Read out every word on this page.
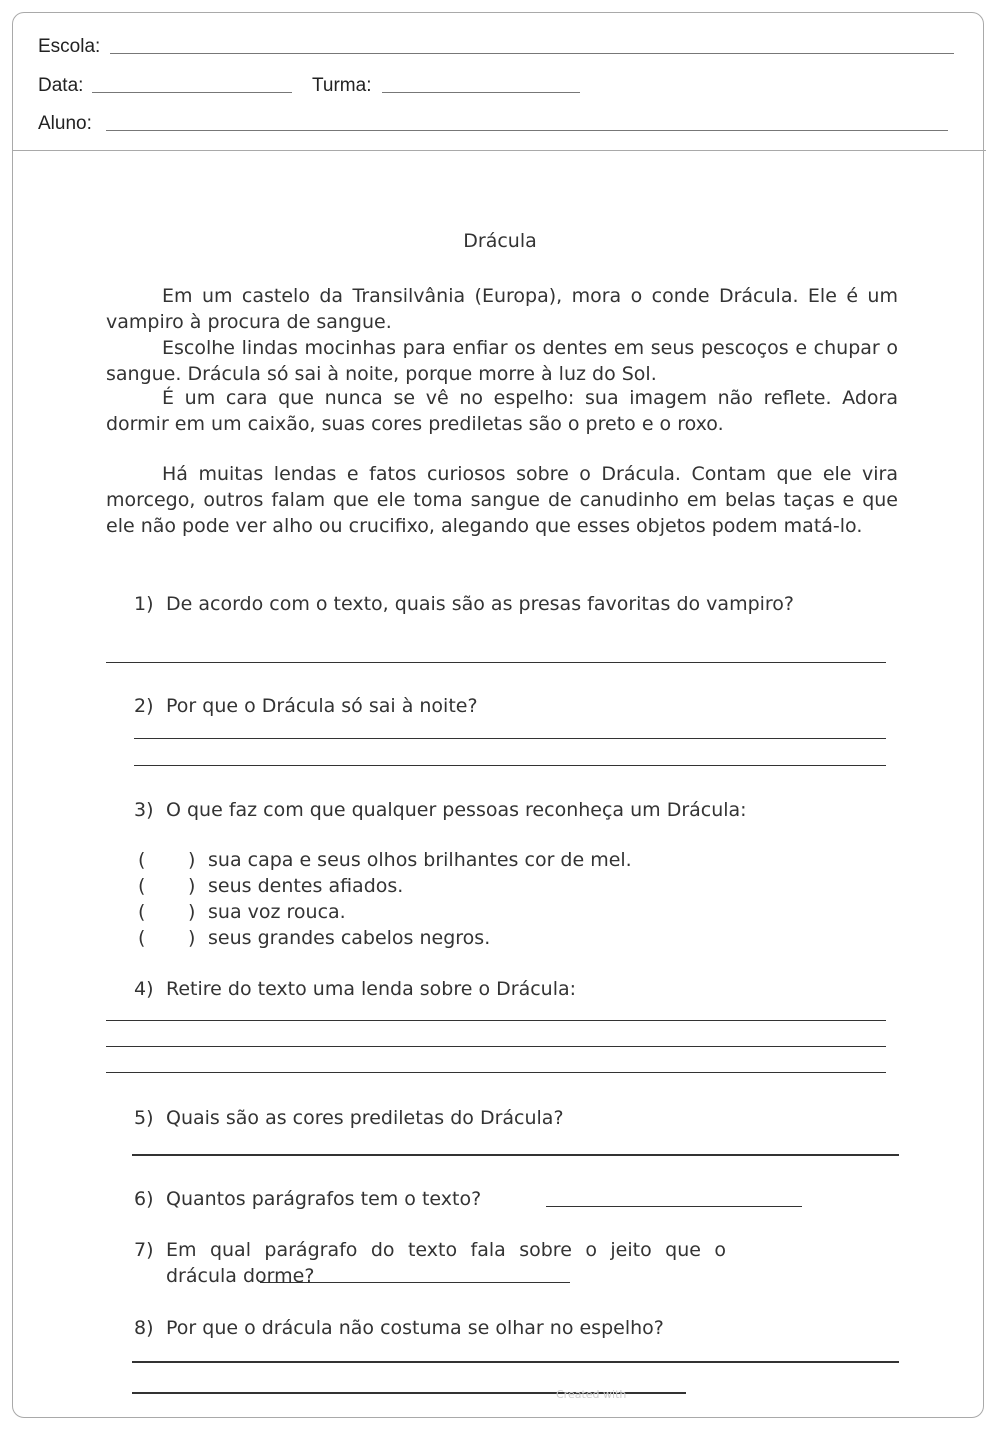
Escola:
Data:	Turma:
Aluno:
Drácula

Em um castelo da Transilvânia (Europa), mora o conde Drácula. Ele é um vampiro à procura de sangue.

Escolhe lindas mocinhas para enfiar os dentes em seus pescoços e chupar o sangue. Drácula só sai à noite, porque morre à luz do Sol.

É um cara que nunca se vê no espelho: sua imagem não reflete. Adora dormir em um caixão, suas cores prediletas são o preto e o roxo.

Há muitas lendas e fatos curiosos sobre o Drácula. Contam que ele vira morcego, outros falam que ele toma sangue de canudinho em belas taças e que ele não pode ver alho ou crucifixo, alegando que esses objetos podem matá-lo.

1) De acordo com o texto, quais são as presas favoritas do vampiro?

2) Por que o Drácula só sai à noite?

3) O que faz com que qualquer pessoas reconheça um Drácula:

( ) sua capa e seus olhos brilhantes cor de mel.
( ) seus dentes afiados.
( ) sua voz rouca.
( ) seus grandes cabelos negros.
4) Retire do texto uma lenda sobre o Drácula:

5) Quais são as cores prediletas do Drácula?

6) Quantos parágrafos tem o texto?

7) Em qual parágrafo do texto fala sobre o jeito que o drácula dorme?

8) Por que o drácula não costuma se olhar no espelho?

Created with
